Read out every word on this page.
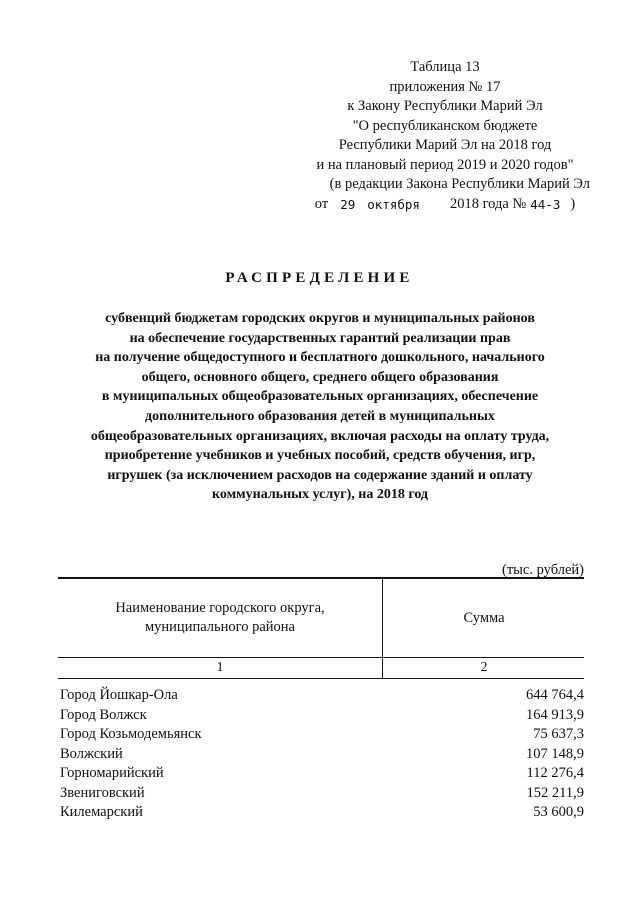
Таблица 13
приложения № 17
к Закону Республики Марий Эл
"О республиканском бюджете
Республики Марий Эл на 2018 год
и на плановый период 2019 и 2020 годов"
(в редакции Закона Республики Марий Эл
от 29 октября 2018 года № 44-З )
РАСПРЕДЕЛЕНИЕ
субвенций бюджетам городских округов и муниципальных районов
на обеспечение государственных гарантий реализации прав
на получение общедоступного и бесплатного дошкольного, начального
общего, основного общего, среднего общего образования
в муниципальных общеобразовательных организациях, обеспечение
дополнительного образования детей в муниципальных
общеобразовательных организациях, включая расходы на оплату труда,
приобретение учебников и учебных пособий, средств обучения, игр,
игрушек (за исключением расходов на содержание зданий и оплату
коммунальных услуг), на 2018 год
(тыс. рублей)
Наименование городского округа,
муниципального района
Сумма
1	2
Город Йошкар-Ола	644 764,4
Город Волжск	164 913,9
Город Козьмодемьянск	75 637,3
Волжский	107 148,9
Горномарийский	112 276,4
Звениговский	152 211,9
Килемарский	53 600,9
